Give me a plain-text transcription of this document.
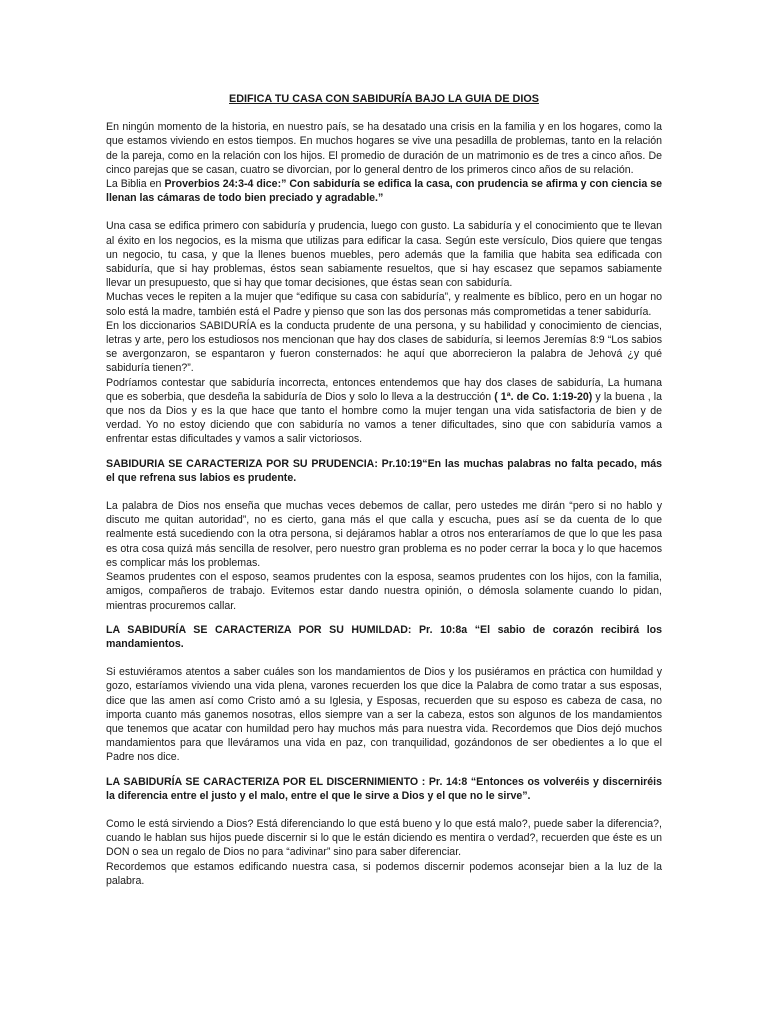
EDIFICA TU CASA CON SABIDURÍA BAJO LA GUIA DE DIOS

En ningún momento de la historia, en nuestro país, se ha desatado una crisis en la familia y en los hogares, como la que estamos viviendo en estos tiempos. En muchos hogares se vive una pesadilla de problemas, tanto en la relación de la pareja, como en la relación con los hijos. El promedio de duración de un matrimonio es de tres a cinco años. De cinco parejas que se casan, cuatro se divorcian, por lo general dentro de los primeros cinco años de su relación.

La Biblia en Proverbios 24:3-4 dice:” Con sabiduría se edifica la casa, con prudencia se afirma y con ciencia se llenan las cámaras de todo bien preciado y agradable.”

Una casa se edifica primero con sabiduría y prudencia, luego con gusto. La sabiduría y el conocimiento que te llevan al éxito en los negocios, es la misma que utilizas para edificar la casa. Según este versículo, Dios quiere que tengas un negocio, tu casa, y que la llenes buenos muebles, pero además que la familia que habita sea edificada con sabiduría, que si hay problemas, éstos sean sabiamente resueltos, que si hay escasez que sepamos sabiamente llevar un presupuesto, que si hay que tomar decisiones, que éstas sean con sabiduría.

Muchas veces le repiten a la mujer que “edifique su casa con sabiduría”, y realmente es bíblico, pero en un hogar no solo está la madre, también está el Padre y pienso que son las dos personas más comprometidas a tener sabiduría.

En los diccionarios SABIDURÍA es la conducta prudente de una persona, y su habilidad y conocimiento de ciencias, letras y arte, pero los estudiosos nos mencionan que hay dos clases de sabiduría, si leemos Jeremías 8:9 “Los sabios se avergonzaron, se espantaron y fueron consternados: he aquí que aborrecieron la palabra de Jehová ¿y qué sabiduría tienen?”.

Podríamos contestar que sabiduría incorrecta, entonces entendemos que hay dos clases de sabiduría, La humana que es soberbia, que desdeña la sabiduría de Dios y solo lo lleva a la destrucción ( 1ª. de Co. 1:19-20) y la buena , la que nos da Dios y es la que hace que tanto el hombre como la mujer tengan una vida satisfactoria de bien y de verdad. Yo no estoy diciendo que con sabiduría no vamos a tener dificultades, sino que con sabiduría vamos a enfrentar estas dificultades y vamos a salir victoriosos.

SABIDURIA SE CARACTERIZA POR SU PRUDENCIA: Pr.10:19“En las muchas palabras no falta pecado, más el que refrena sus labios es prudente.

La palabra de Dios nos enseña que muchas veces debemos de callar, pero ustedes me dirán “pero si no hablo y discuto me quitan autoridad”, no es cierto, gana más el que calla y escucha, pues así se da cuenta de lo que realmente está sucediendo con la otra persona, si dejáramos hablar a otros nos enteraríamos de que lo que les pasa es otra cosa quizá más sencilla de resolver, pero nuestro gran problema es no poder cerrar la boca y lo que hacemos es complicar más los problemas.

Seamos prudentes con el esposo, seamos prudentes con la esposa, seamos prudentes con los hijos, con la familia, amigos, compañeros de trabajo. Evitemos estar dando nuestra opinión, o démosla solamente cuando lo pidan, mientras procuremos callar.

LA SABIDURÍA SE CARACTERIZA POR SU HUMILDAD: Pr. 10:8a “El sabio de corazón recibirá los mandamientos.

Si estuviéramos atentos a saber cuáles son los mandamientos de Dios y los pusiéramos en práctica con humildad y gozo, estaríamos viviendo una vida plena, varones recuerden los que dice la Palabra de como tratar a sus esposas, dice que las amen así como Cristo amó a su Iglesia, y Esposas, recuerden que su esposo es cabeza de casa, no importa cuanto más ganemos nosotras, ellos siempre van a ser la cabeza, estos son algunos de los mandamientos que tenemos que acatar con humildad pero hay muchos más para nuestra vida. Recordemos que Dios dejó muchos mandamientos para que lleváramos una vida en paz, con tranquilidad, gozándonos de ser obedientes a lo que el Padre nos dice.

LA SABIDURÍA SE CARACTERIZA POR EL DISCERNIMIENTO : Pr. 14:8 “Entonces os volveréis y discerniréis la diferencia entre el justo y el malo, entre el que le sirve a Dios y el que no le sirve”.

Como le está sirviendo a Dios? Está diferenciando lo que está bueno y lo que está malo?, puede saber la diferencia?, cuando le hablan sus hijos puede discernir si lo que le están diciendo es mentira o verdad?, recuerden que éste es un DON o sea un regalo de Dios no para “adivinar” sino para saber diferenciar.

Recordemos que estamos edificando nuestra casa, si podemos discernir podemos aconsejar bien a la luz de la palabra.
